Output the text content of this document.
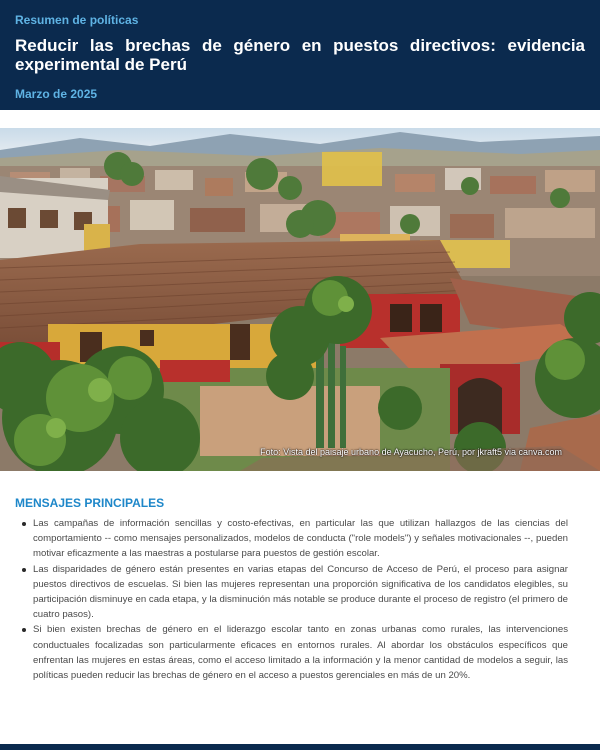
Resumen de políticas
Reducir las brechas de género en puestos directivos: evidencia experimental de Perú
Marzo de 2025
Foto: Vista del paisaje urbano de Ayacucho, Perú, por jkraft5 via canva.com
MENSAJES PRINCIPALES
Las campañas de información sencillas y costo-efectivas, en particular las que utilizan hallazgos de las ciencias del comportamiento -- como mensajes personalizados, modelos de conducta ("role models") y señales motivacionales --, pueden motivar eficazmente a las maestras a postularse para puestos de gestión escolar.
Las disparidades de género están presentes en varias etapas del Concurso de Acceso de Perú, el proceso para asignar puestos directivos de escuelas. Si bien las mujeres representan una proporción significativa de los candidatos elegibles, su participación disminuye en cada etapa, y la disminución más notable se produce durante el proceso de registro (el primero de cuatro pasos).
Si bien existen brechas de género en el liderazgo escolar tanto en zonas urbanas como rurales, las intervenciones conductuales focalizadas son particularmente eficaces en entornos rurales. Al abordar los obstáculos específicos que enfrentan las mujeres en estas áreas, como el acceso limitado a la información y la menor cantidad de modelos a seguir, las políticas pueden reducir las brechas de género en el acceso a puestos gerenciales en más de un 20%.
